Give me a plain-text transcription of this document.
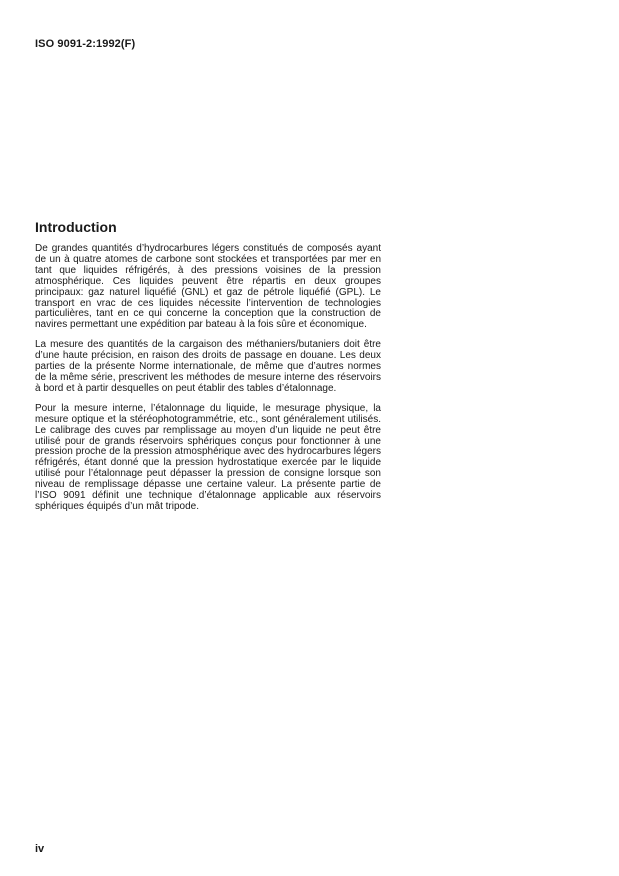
ISO 9091-2:1992(F)
Introduction

De grandes quantités d’hydrocarbures légers constitués de composés ayant de un à quatre atomes de carbone sont stockées et transportées par mer en tant que liquides réfrigérés, à des pressions voisines de la pression atmosphérique. Ces liquides peuvent être répartis en deux groupes principaux: gaz naturel liquéfié (GNL) et gaz de pétrole liquéfié (GPL). Le transport en vrac de ces liquides nécessite l’intervention de technologies particulières, tant en ce qui concerne la conception que la construction de navires permettant une expédition par bateau à la fois sûre et économique.

La mesure des quantités de la cargaison des méthaniers/butaniers doit être d’une haute précision, en raison des droits de passage en douane. Les deux parties de la présente Norme internationale, de même que d’autres normes de la même série, prescrivent les méthodes de mesure interne des réservoirs à bord et à partir desquelles on peut établir des tables d’étalonnage.

Pour la mesure interne, l’étalonnage du liquide, le mesurage physique, la mesure optique et la stéréophotogrammétrie, etc., sont généralement utilisés. Le calibrage des cuves par remplissage au moyen d’un liquide ne peut être utilisé pour de grands réservoirs sphériques conçus pour fonctionner à une pression proche de la pression atmosphérique avec des hydrocarbures légers réfrigérés, étant donné que la pression hydrostatique exercée par le liquide utilisé pour l’étalonnage peut dépasser la pression de consigne lorsque son niveau de remplissage dépasse une certaine valeur. La présente partie de l’ISO 9091 définit une technique d’étalonnage applicable aux réservoirs sphériques équipés d’un mât tripode.

iv
